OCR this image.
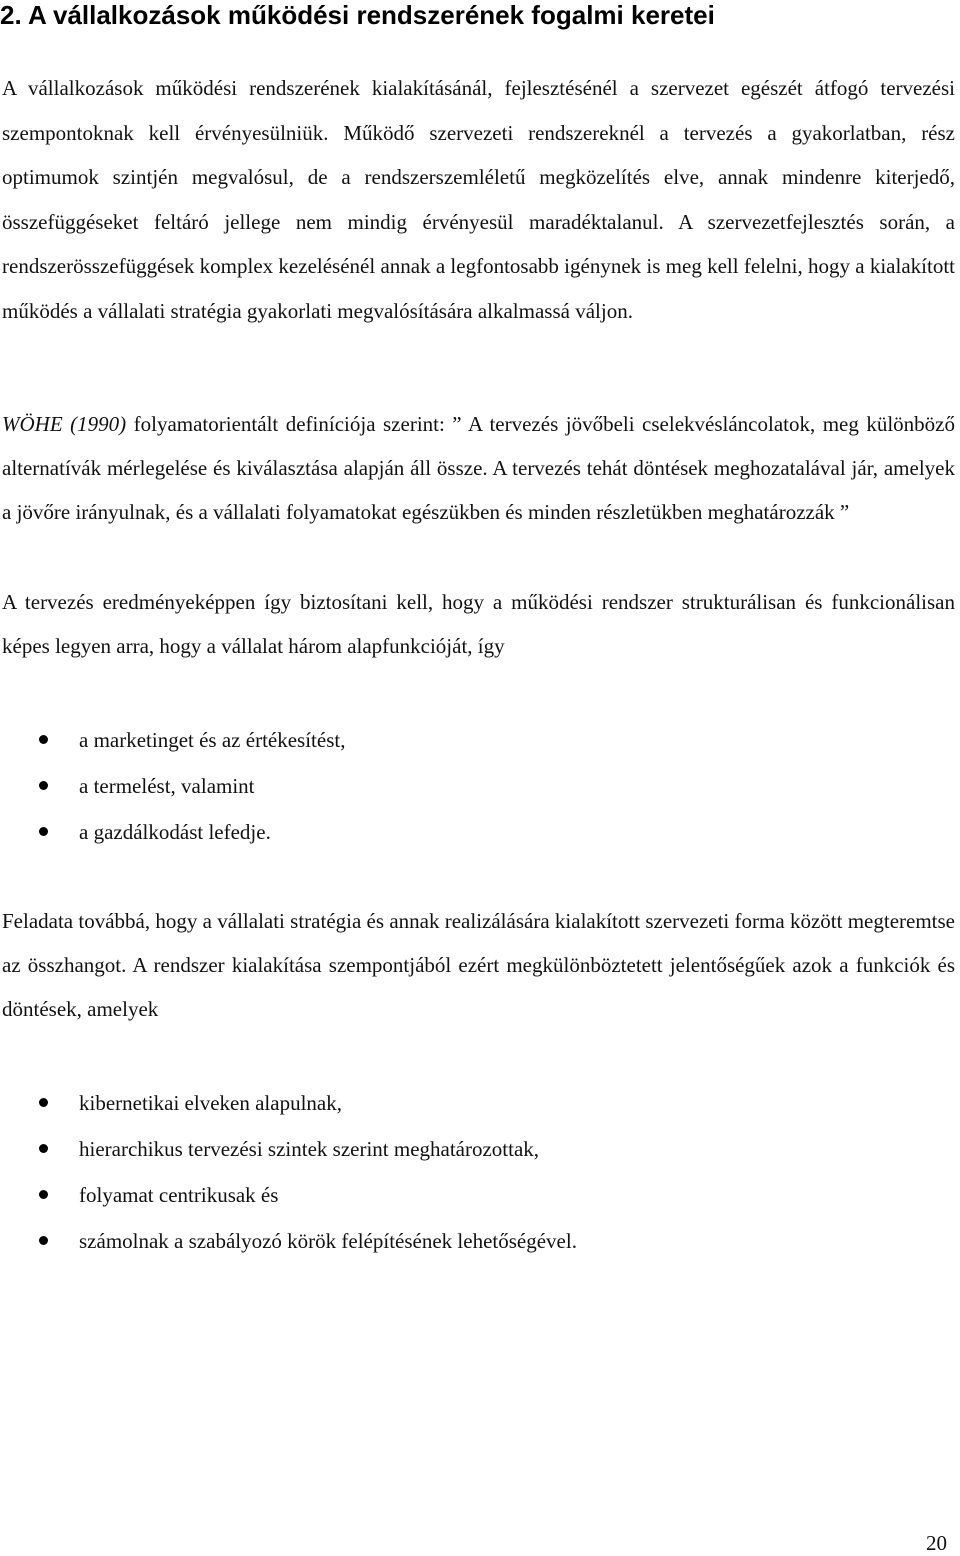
2. A vállalkozások működési rendszerének fogalmi keretei

A vállalkozások működési rendszerének kialakításánál, fejlesztésénél a szervezet egészét átfogó tervezési szempontoknak kell érvényesülniük. Működő szervezeti rendszereknél a tervezés a gyakorlatban, rész optimumok szintjén megvalósul, de a rendszerszemléletű megközelítés elve, annak mindenre kiterjedő, összefüggéseket feltáró jellege nem mindig érvényesül maradéktalanul. A szervezetfejlesztés során, a rendszerösszefüggések komplex kezelésénél annak a legfontosabb igénynek is meg kell felelni, hogy a kialakított működés a vállalati stratégia gyakorlati megvalósítására alkalmassá váljon.

WÖHE (1990) folyamatorientált definíciója szerint: ” A tervezés jövőbeli cselekvésláncolatok, meg különböző alternatívák mérlegelése és kiválasztása alapján áll össze. A tervezés tehát döntések meghozatalával jár, amelyek a jövőre irányulnak, és a vállalati folyamatokat egészükben és minden részletükben meghatározzák ”

A tervezés eredményeképpen így biztosítani kell, hogy a működési rendszer strukturálisan és funkcionálisan képes legyen arra, hogy a vállalat három alapfunkcióját, így

a marketinget és az értékesítést,
a termelést, valamint
a gazdálkodást lefedje.

Feladata továbbá, hogy a vállalati stratégia és annak realizálására kialakított szervezeti forma között megteremtse az összhangot. A rendszer kialakítása szempontjából ezért megkülönböztetett jelentőségűek azok a funkciók és döntések, amelyek

kibernetikai elveken alapulnak,
hierarchikus tervezési szintek szerint meghatározottak,
folyamat centrikusak és
számolnak a szabályozó körök felépítésének lehetőségével.

20
